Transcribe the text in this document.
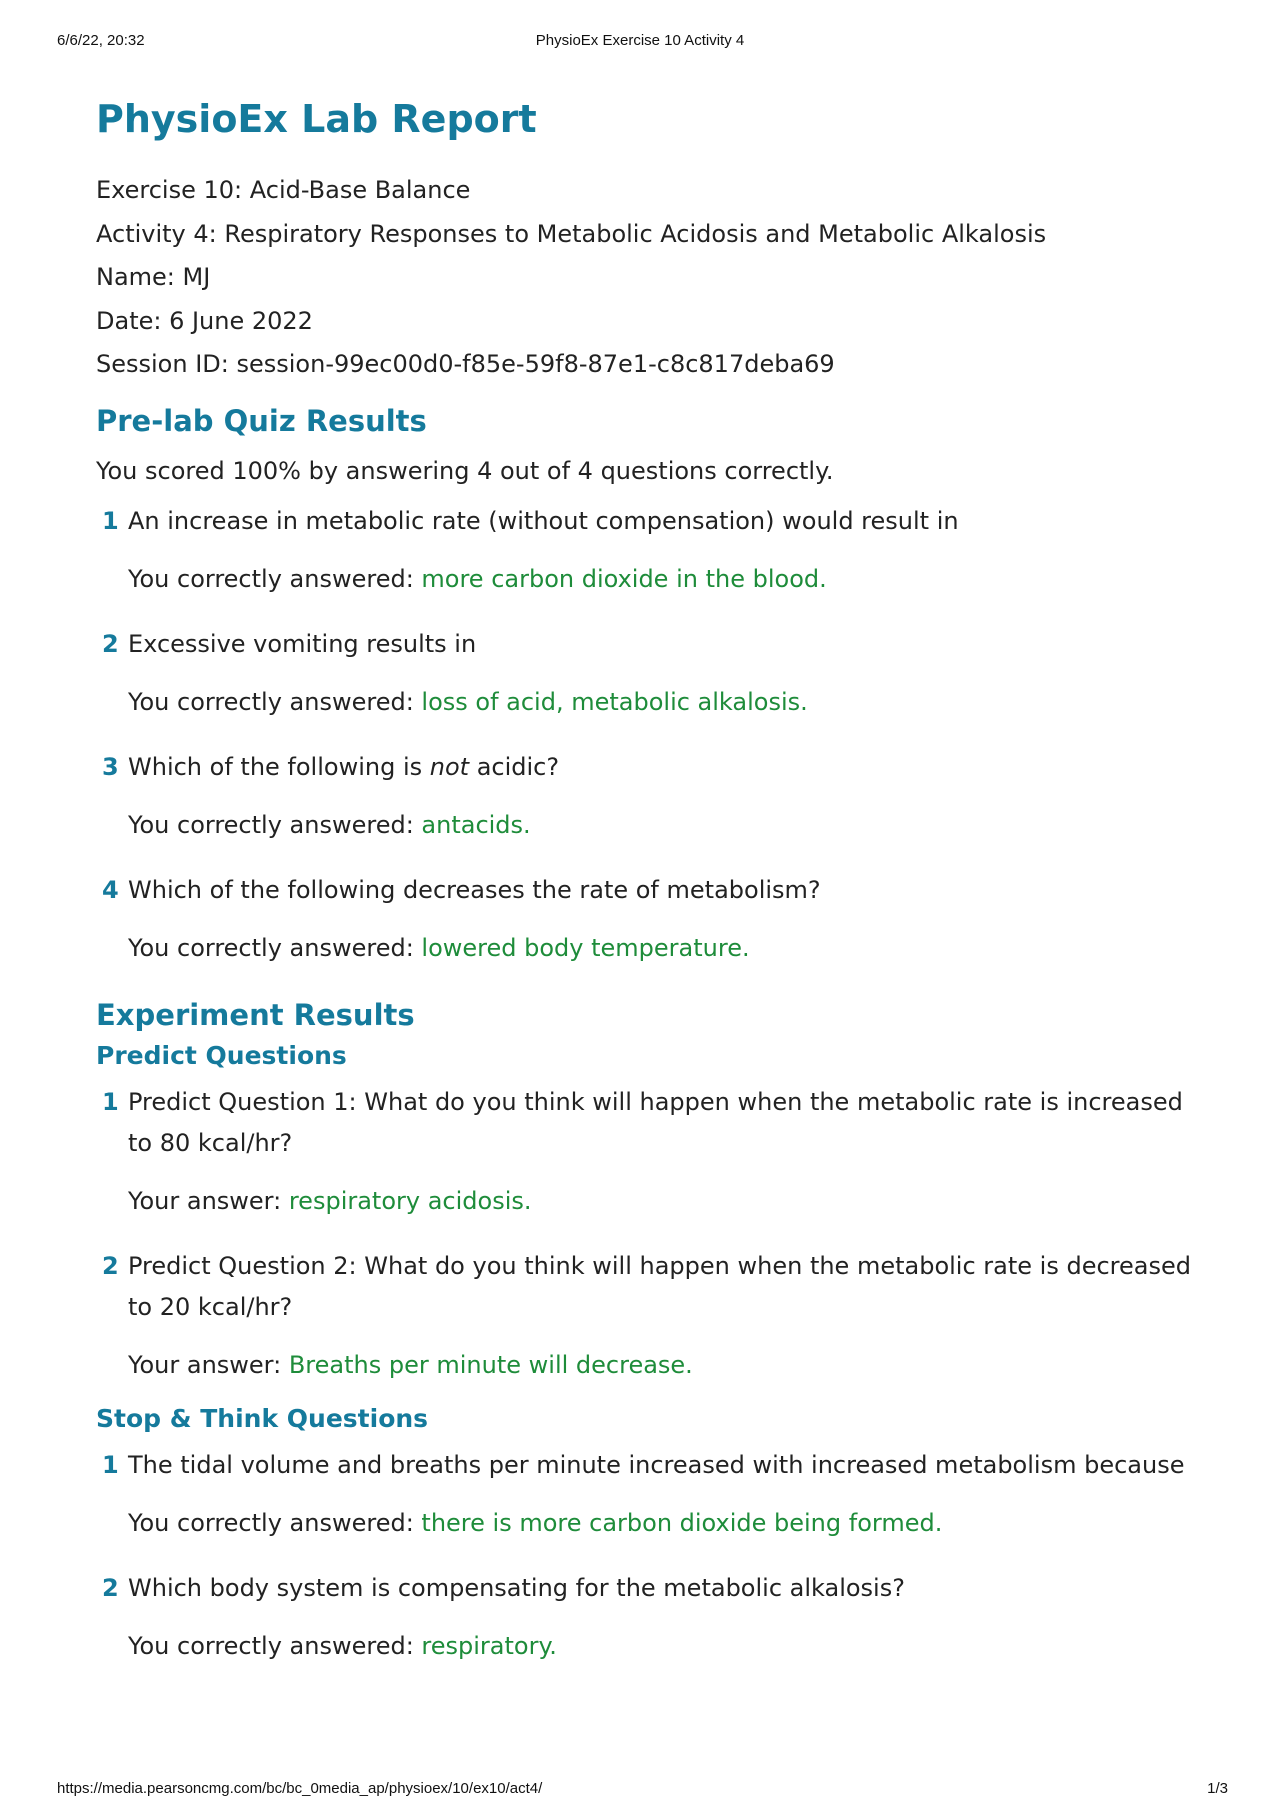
6/6/22, 20:32	PhysioEx Exercise 10 Activity 4
PhysioEx Lab Report

Exercise 10: Acid-Base Balance

Activity 4: Respiratory Responses to Metabolic Acidosis and Metabolic Alkalosis

Name: MJ

Date: 6 June 2022

Session ID: session-99ec00d0-f85e-59f8-87e1-c8c817deba69

Pre-lab Quiz Results

You scored 100% by answering 4 out of 4 questions correctly.

1 An increase in metabolic rate (without compensation) would result in

You correctly answered: more carbon dioxide in the blood.

2 Excessive vomiting results in

You correctly answered: loss of acid, metabolic alkalosis.

3 Which of the following is not acidic?

You correctly answered: antacids.

4 Which of the following decreases the rate of metabolism?

You correctly answered: lowered body temperature.

Experiment Results
Predict Questions
1 Predict Question 1: What do you think will happen when the metabolic rate is increased to 80 kcal/hr?

Your answer: respiratory acidosis.

2 Predict Question 2: What do you think will happen when the metabolic rate is decreased to 20 kcal/hr?

Your answer: Breaths per minute will decrease.

Stop & Think Questions
1 The tidal volume and breaths per minute increased with increased metabolism because

You correctly answered: there is more carbon dioxide being formed.

2 Which body system is compensating for the metabolic alkalosis?

You correctly answered: respiratory.

https://media.pearsoncmg.com/bc/bc_0media_ap/physioex/10/ex10/act4/	1/3
